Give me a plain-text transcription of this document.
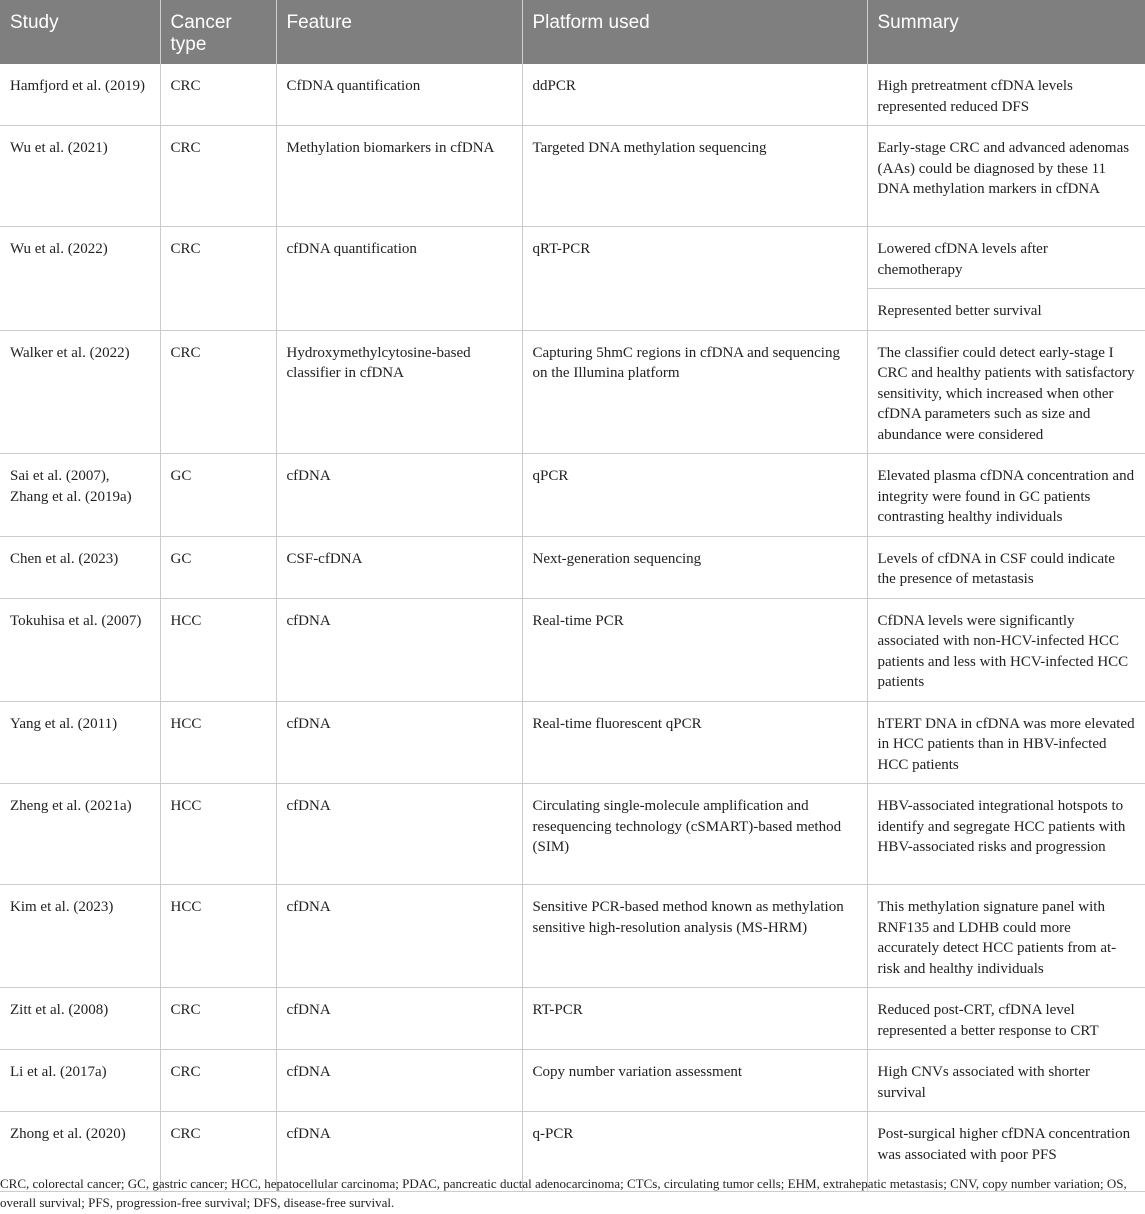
Study	Cancer type	Feature	Platform used	Summary
Hamfjord et al. (2019)	CRC	CfDNA quantification	ddPCR	High pretreatment cfDNA levels represented reduced DFS

Wu et al. (2021)	CRC	Methylation biomarkers in cfDNA	Targeted DNA methylation sequencing	Early-stage CRC and advanced adenomas (AAs) could be diagnosed by these 11 DNA methylation markers in cfDNA

Wu et al. (2022)	CRC	cfDNA quantification	qRT-PCR	Lowered cfDNA levels after chemotherapy
Represented better survival

Walker et al. (2022)	CRC	Hydroxymethylcytosine-based classifier in cfDNA	Capturing 5hmC regions in cfDNA and sequencing on the Illumina platform	The classifier could detect early-stage I CRC and healthy patients with satisfactory sensitivity, which increased when other cfDNA parameters such as size and abundance were considered

Sai et al. (2007), Zhang et al. (2019a)	GC	cfDNA	qPCR	Elevated plasma cfDNA concentration and integrity were found in GC patients contrasting healthy individuals

Chen et al. (2023)	GC	CSF-cfDNA	Next-generation sequencing	Levels of cfDNA in CSF could indicate the presence of metastasis

Tokuhisa et al. (2007)	HCC	cfDNA	Real-time PCR	CfDNA levels were significantly associated with non-HCV-infected HCC patients and less with HCV-infected HCC patients

Yang et al. (2011)	HCC	cfDNA	Real-time fluorescent qPCR	hTERT DNA in cfDNA was more elevated in HCC patients than in HBV-infected HCC patients

Zheng et al. (2021a)	HCC	cfDNA	Circulating single-molecule amplification and resequencing technology (cSMART)-based method (SIM)	HBV-associated integrational hotspots to identify and segregate HCC patients with HBV-associated risks and progression

Kim et al. (2023)	HCC	cfDNA	Sensitive PCR-based method known as methylation sensitive high-resolution analysis (MS-HRM)	This methylation signature panel with RNF135 and LDHB could more accurately detect HCC patients from at-risk and healthy individuals

Zitt et al. (2008)	CRC	cfDNA	RT-PCR	Reduced post-CRT, cfDNA level represented a better response to CRT

Li et al. (2017a)	CRC	cfDNA	Copy number variation assessment	High CNVs associated with shorter survival

Zhong et al. (2020)	CRC	cfDNA	q-PCR	Post-surgical higher cfDNA concentration was associated with poor PFS
CRC, colorectal cancer; GC, gastric cancer; HCC, hepatocellular carcinoma; PDAC, pancreatic ductal adenocarcinoma; CTCs, circulating tumor cells; EHM, extrahepatic metastasis; CNV, copy number variation; OS, overall survival; PFS, progression-free survival; DFS, disease-free survival.
